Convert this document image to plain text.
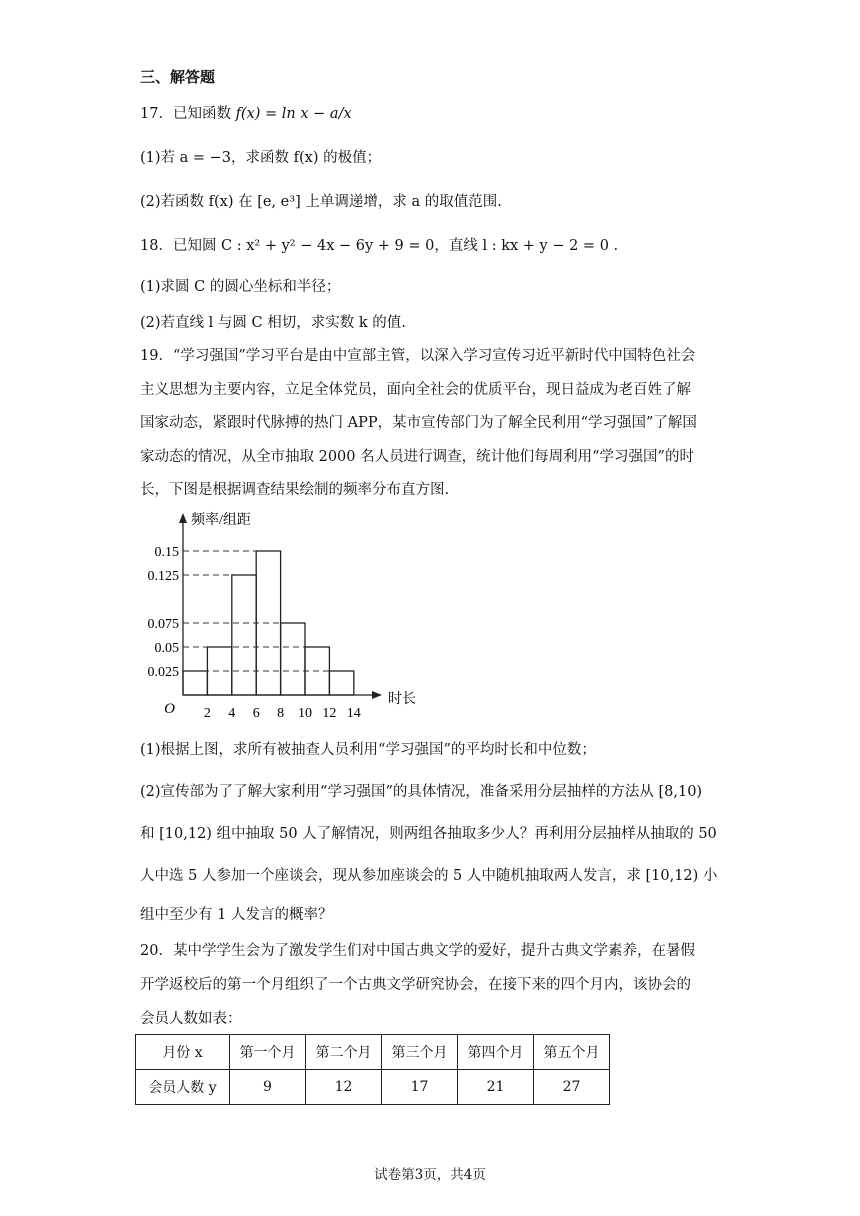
三、解答题
17．已知函数 f(x) = ln x − a/x
(1)若 a = −3，求函数 f(x) 的极值；
(2)若函数 f(x) 在 [e, e³] 上单调递增，求 a 的取值范围.
18．已知圆 C : x² + y² − 4x − 6y + 9 = 0，直线 l : kx + y − 2 = 0 .
(1)求圆 C 的圆心坐标和半径；
(2)若直线 l 与圆 C 相切，求实数 k 的值.
19．“学习强国”学习平台是由中宣部主管，以深入学习宣传习近平新时代中国特色社会
主义思想为主要内容，立足全体党员，面向全社会的优质平台，现日益成为老百姓了解
国家动态，紧跟时代脉搏的热门 APP，某市宣传部门为了解全民利用“学习强国”了解国
家动态的情况，从全市抽取 2000 名人员进行调查，统计他们每周利用“学习强国”的时
长，下图是根据调查结果绘制的频率分布直方图.
0.025
0.05
0.075
0.125
0.15
2 4 6 8 10 12 14
O
频率/组距
时长
(1)根据上图，求所有被抽查人员利用“学习强国”的平均时长和中位数；
(2)宣传部为了了解大家利用“学习强国”的具体情况，准备采用分层抽样的方法从 [8,10)
和 [10,12) 组中抽取 50 人了解情况，则两组各抽取多少人？再利用分层抽样从抽取的 50
人中选 5 人参加一个座谈会，现从参加座谈会的 5 人中随机抽取两人发言，求 [10,12) 小
组中至少有 1 人发言的概率？
20．某中学学生会为了激发学生们对中国古典文学的爱好，提升古典文学素养，在暑假
开学返校后的第一个月组织了一个古典文学研究协会，在接下来的四个月内，该协会的
会员人数如表：
月份 x	第一个月	第二个月	第三个月	第四个月	第五个月
会员人数 y	9	12	17	21	27
试卷第3页，共4页
